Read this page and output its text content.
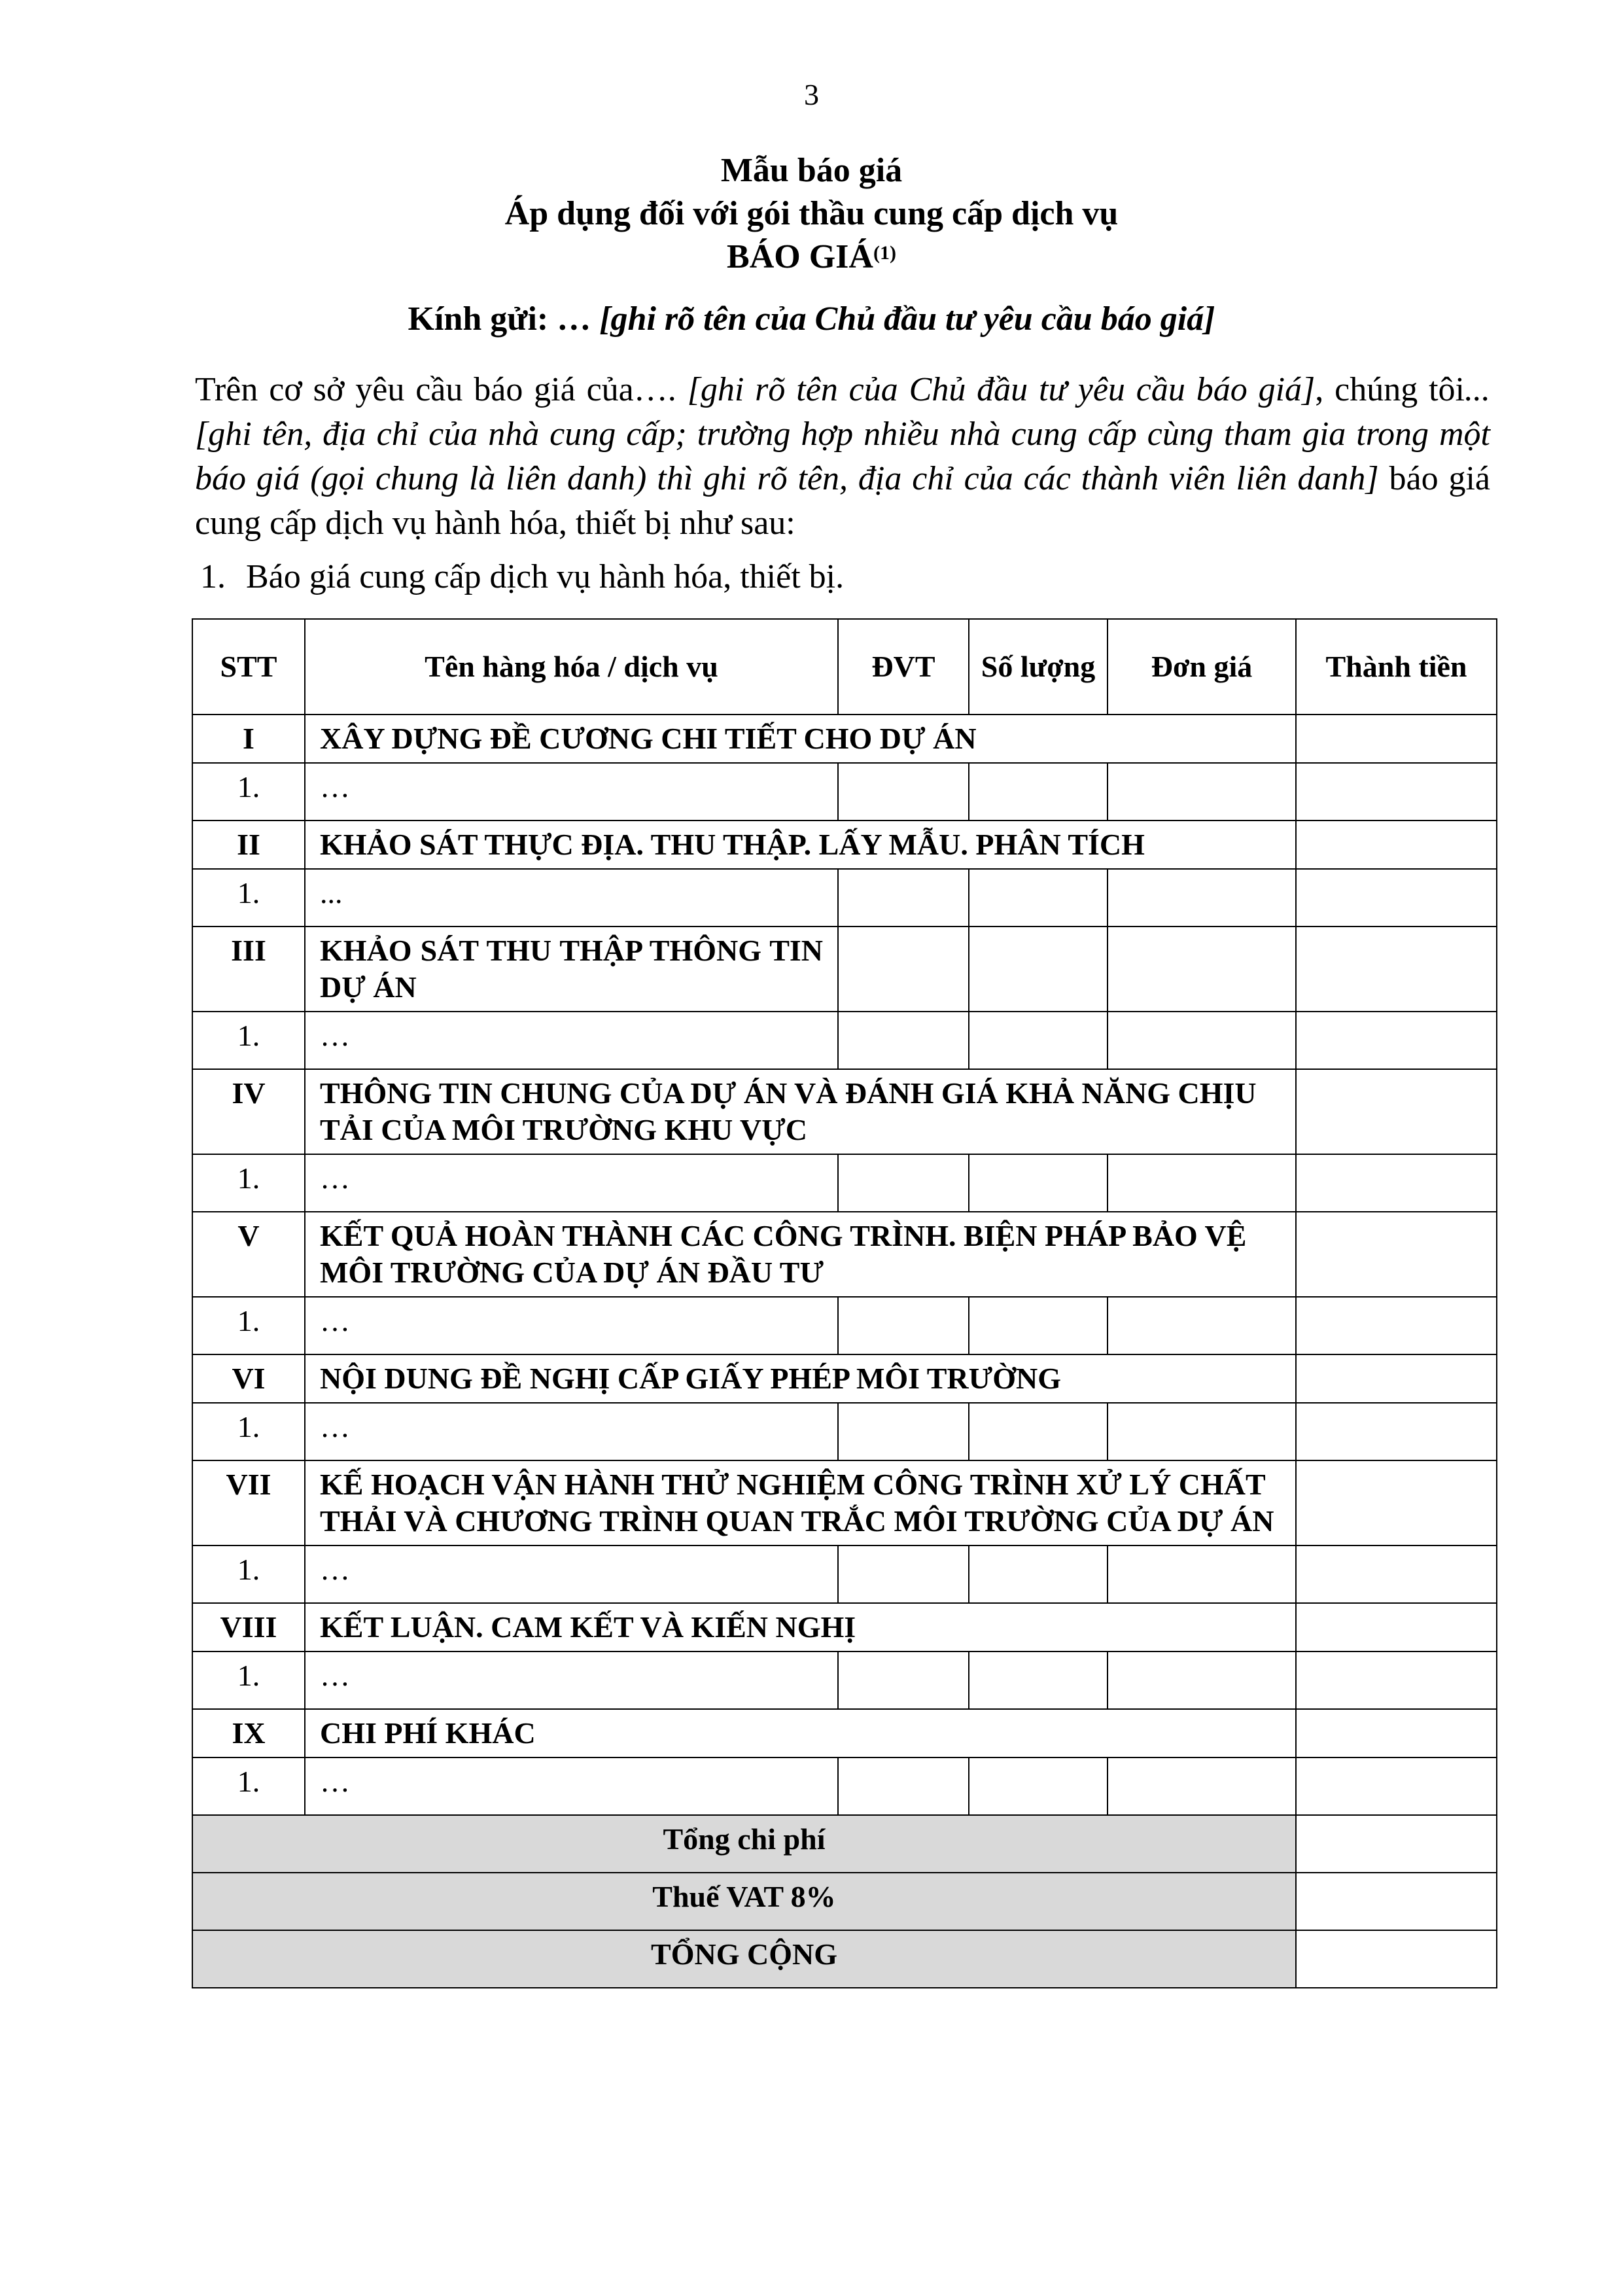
3
Mẫu báo giá
Áp dụng đối với gói thầu cung cấp dịch vụ
BÁO GIÁ$^{(1)}$
Kính gửi: … [ghi rõ tên của Chủ đầu tư yêu cầu báo giá]
Trên cơ sở yêu cầu báo giá của…. [ghi rõ tên của Chủ đầu tư yêu cầu báo giá], chúng tôi...[ghi tên, địa chỉ của nhà cung cấp; trường hợp nhiều nhà cung cấp cùng tham gia trong một báo giá (gọi chung là liên danh) thì ghi rõ tên, địa chỉ của các thành viên liên danh] báo giá cung cấp dịch vụ hành hóa, thiết bị như sau:
1. Báo giá cung cấp dịch vụ hành hóa, thiết bị.
STT	Tên hàng hóa / dịch vụ	ĐVT	Số lượng	Đơn giá	Thành tiền
I	XÂY DỰNG ĐỀ CƯƠNG CHI TIẾT CHO DỰ ÁN				
1.	…				
II	KHẢO SÁT THỰC ĐỊA. THU THẬP. LẤY MẪU. PHÂN TÍCH				
1.	...				
III	KHẢO SÁT THU THẬP THÔNG TIN DỰ ÁN				
1.	…				
IV	THÔNG TIN CHUNG CỦA DỰ ÁN VÀ ĐÁNH GIÁ KHẢ NĂNG CHỊU TẢI CỦA MÔI TRƯỜNG KHU VỰC				
1.	…				
V	KẾT QUẢ HOÀN THÀNH CÁC CÔNG TRÌNH. BIỆN PHÁP BẢO VỆ MÔI TRƯỜNG CỦA DỰ ÁN ĐẦU TƯ				
1.	…				
VI	NỘI DUNG ĐỀ NGHỊ CẤP GIẤY PHÉP MÔI TRƯỜNG				
1.	…				
VII	KẾ HOẠCH VẬN HÀNH THỬ NGHIỆM CÔNG TRÌNH XỬ LÝ CHẤT THẢI VÀ CHƯƠNG TRÌNH QUAN TRẮC MÔI TRƯỜNG CỦA DỰ ÁN				
1.	…				
VIII	KẾT LUẬN. CAM KẾT VÀ KIẾN NGHỊ				
1.	…				
IX	CHI PHÍ KHÁC				
1.	…				
Tổng chi phí					
Thuế VAT 8%					
TỔNG CỘNG					
